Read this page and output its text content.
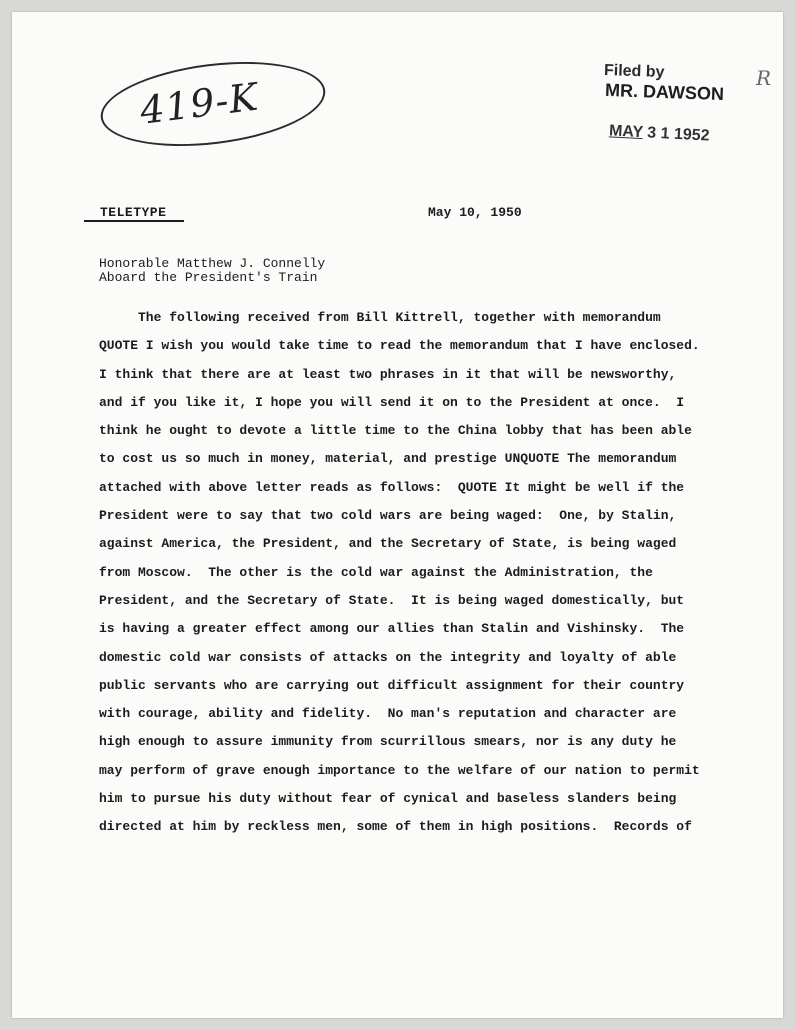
419-K	R
Filed by
MR. DAWSON
MAY 3 1 1952
TELETYPE	May 10, 1950
Honorable Matthew J. Connelly
Aboard the President's Train
The following received from Bill Kittrell, together with memorandum
QUOTE I wish you would take time to read the memorandum that I have enclosed.
I think that there are at least two phrases in it that will be newsworthy,
and if you like it, I hope you will send it on to the President at once.  I
think he ought to devote a little time to the China lobby that has been able
to cost us so much in money, material, and prestige UNQUOTE The memorandum
attached with above letter reads as follows:  QUOTE It might be well if the
President were to say that two cold wars are being waged:  One, by Stalin,
against America, the President, and the Secretary of State, is being waged
from Moscow.  The other is the cold war against the Administration, the
President, and the Secretary of State.  It is being waged domestically, but
is having a greater effect among our allies than Stalin and Vishinsky.  The
domestic cold war consists of attacks on the integrity and loyalty of able
public servants who are carrying out difficult assignment for their country
with courage, ability and fidelity.  No man's reputation and character are
high enough to assure immunity from scurrillous smears, nor is any duty he
may perform of grave enough importance to the welfare of our nation to permit
him to pursue his duty without fear of cynical and baseless slanders being
directed at him by reckless men, some of them in high positions.  Records of
